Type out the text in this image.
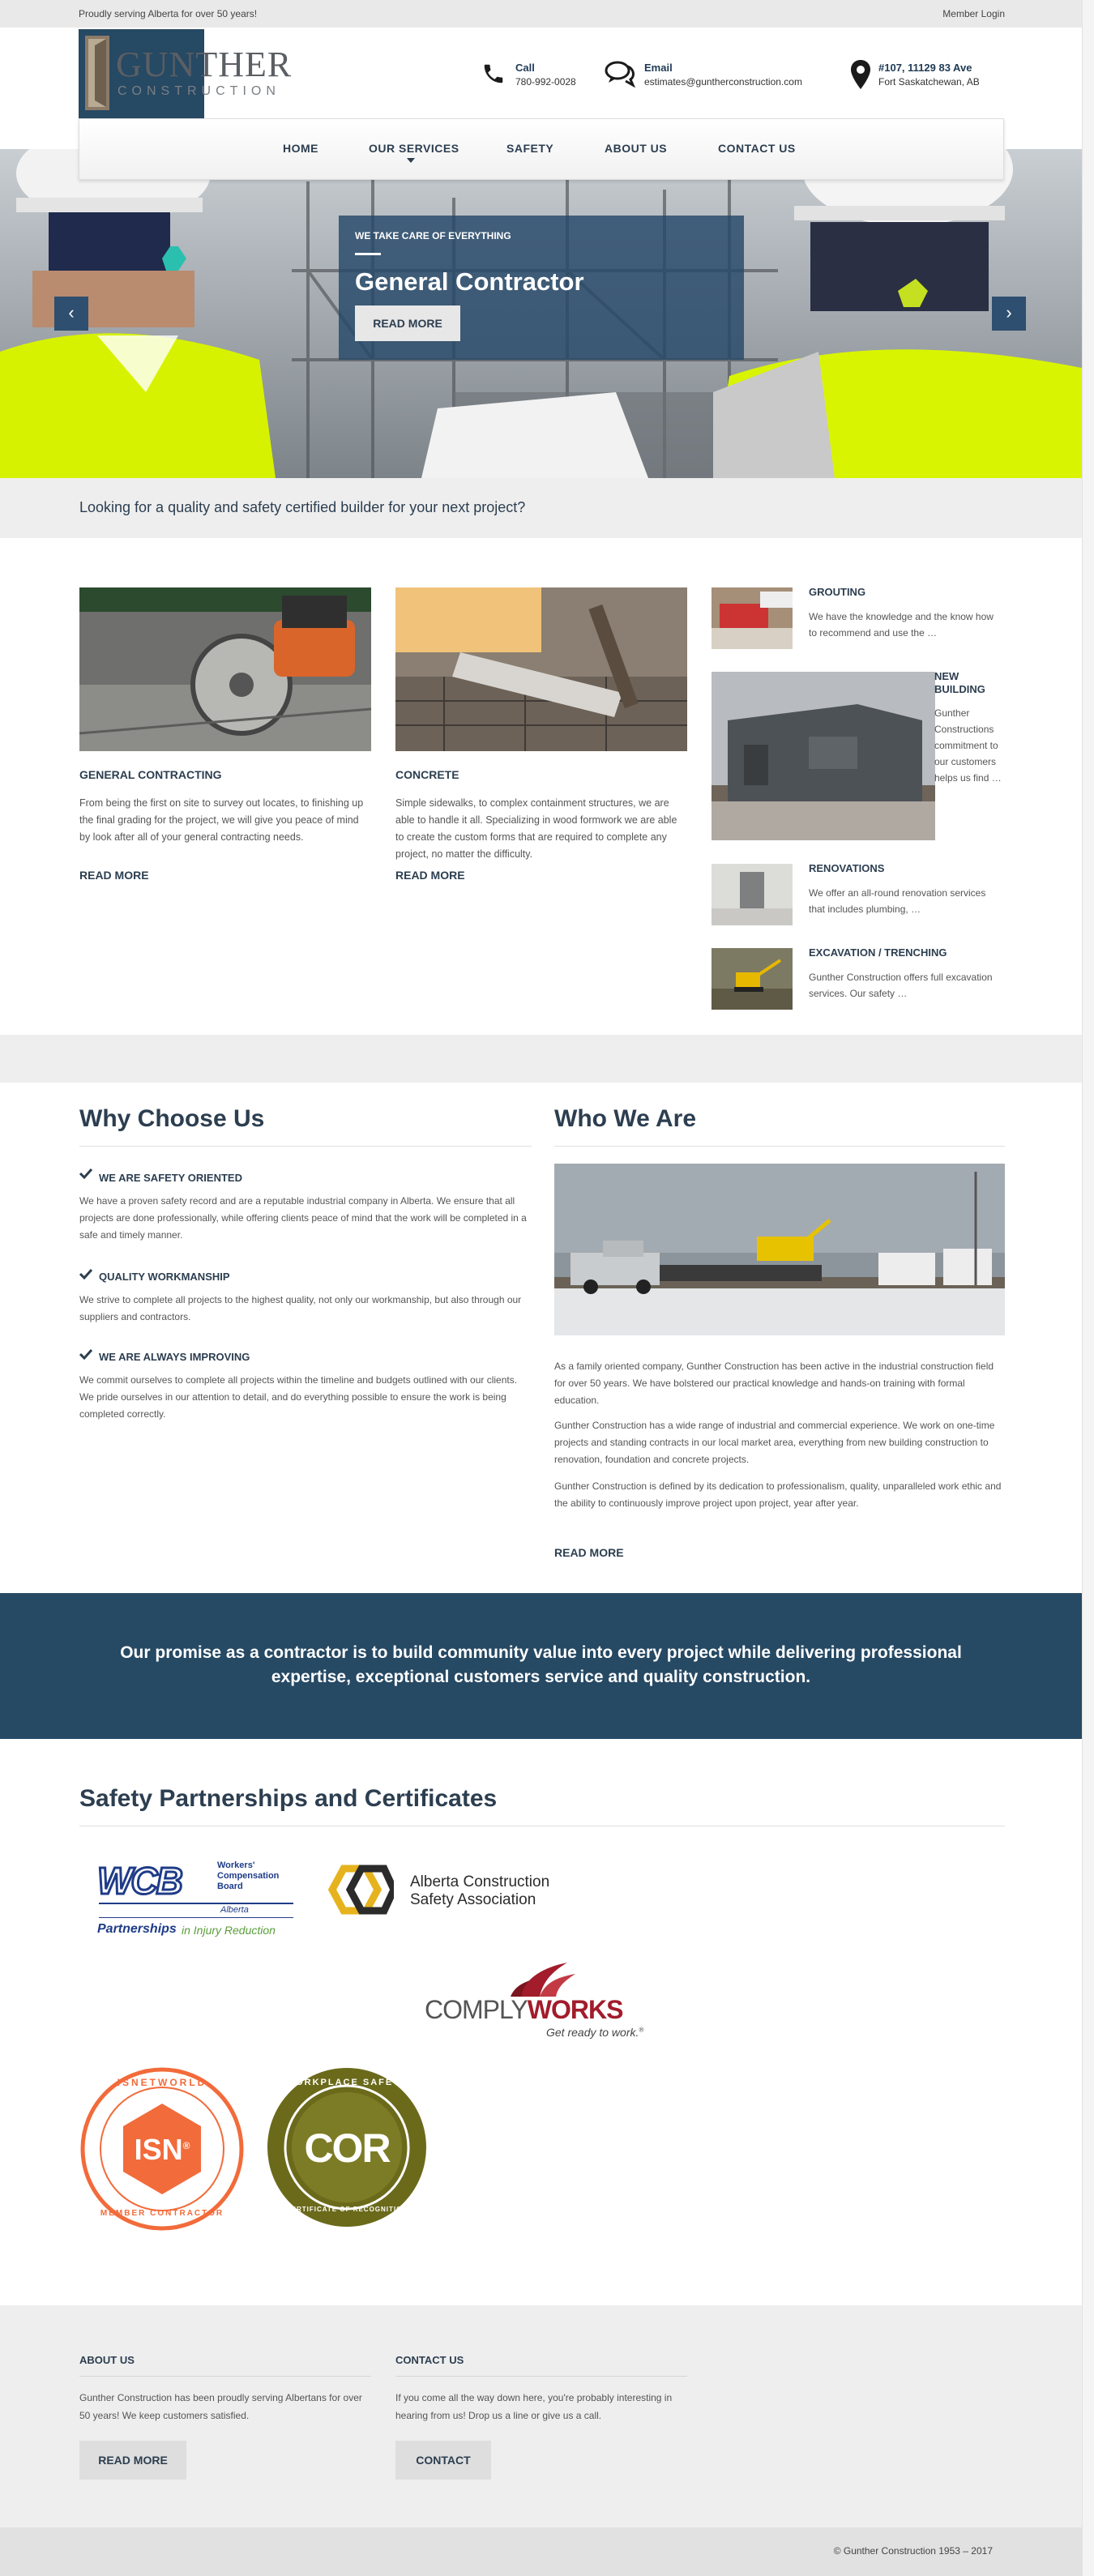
Proudly serving Alberta for over 50 years!	Member Login
GUNTHER
CONSTRUCTION
Call
780-992-0028
Email
estimates@guntherconstruction.com
#107, 11129 83 Ave
Fort Saskatchewan, AB
WE TAKE CARE OF EVERYTHING
General Contractor
READ MORE
‹	›
HOME	OUR SERVICES	SAFETY	ABOUT US	CONTACT US
Looking for a quality and safety certified builder for your next project?
GENERAL CONTRACTING
From being the first on site to survey out locates, to finishing up the final grading for the project, we will give you peace of mind by look after all of your general contracting needs.
READ MORE
CONCRETE
Simple sidewalks, to complex containment structures, we are able to handle it all. Specializing in wood formwork we are able to create the custom forms that are required to complete any project, no matter the difficulty.
READ MORE
GROUTING
We have the knowledge and the know how to recommend and use the …
NEW BUILDING
Gunther Constructions commitment to our customers helps us find …
RENOVATIONS
We offer an all-round renovation services that includes plumbing, …
EXCAVATION / TRENCHING
Gunther Construction offers full excavation services. Our safety …
Why Choose Us
WE ARE SAFETY ORIENTED
We have a proven safety record and are a reputable industrial company in Alberta. We ensure that all projects are done professionally, while offering clients peace of mind that the work will be completed in a safe and timely manner.
QUALITY WORKMANSHIP
We strive to complete all projects to the highest quality, not only our workmanship, but also through our suppliers and contractors.
WE ARE ALWAYS IMPROVING
We commit ourselves to complete all projects within the timeline and budgets outlined with our clients. We pride ourselves in our attention to detail, and do everything possible to ensure the work is being completed correctly.
Who We Are
As a family oriented company, Gunther Construction has been active in the industrial construction field for over 50 years. We have bolstered our practical knowledge and hands-on training with formal education.
Gunther Construction has a wide range of industrial and commercial experience. We work on one-time projects and standing contracts in our local market area, everything from new building construction to renovation, foundation and concrete projects.
Gunther Construction is defined by its dedication to professionalism, quality, unparalleled work ethic and the ability to continuously improve project upon project, year after year.
READ MORE
Our promise as a contractor is to build community value into every project while delivering professional expertise, exceptional customers service and quality construction.
Safety Partnerships and Certificates
WCB	Workers'
Compensation
Board
Alberta
Partnerships in Injury Reduction
Alberta Construction
Safety Association
COMPLYWORKS
Get ready to work.®
ISNETWORLD
ISN®
MEMBER CONTRACTOR
WORKPLACE SAFETY
COR
CERTIFICATE OF RECOGNITION
ABOUT US
Gunther Construction has been proudly serving Albertans for over 50 years! We keep customers satisfied.
READ MORE
CONTACT US
If you come all the way down here, you're probably interesting in hearing from us! Drop us a line or give us a call.
CONTACT
© Gunther Construction 1953 – 2017
